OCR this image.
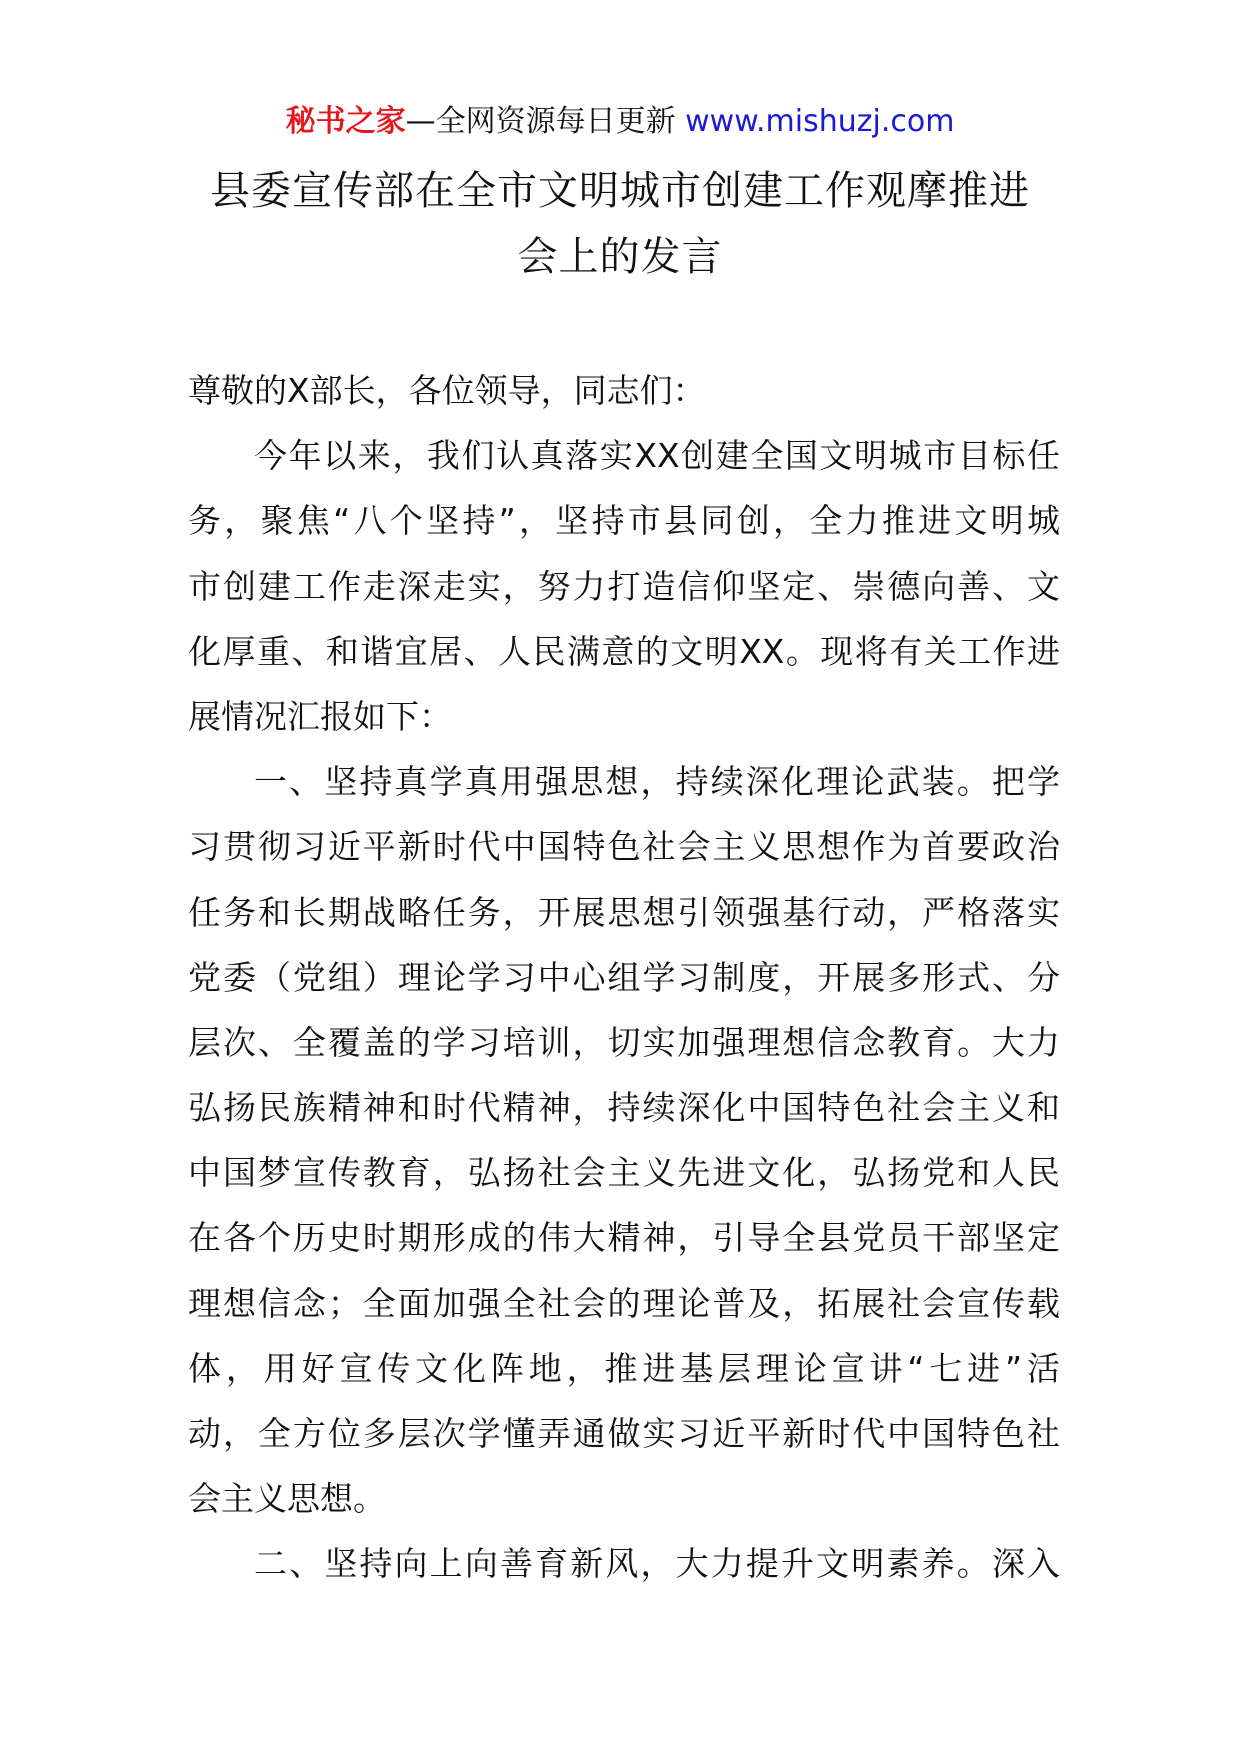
秘书之家—全网资源每日更新 www.mishuzj.com
县委宣传部在全市文明城市创建工作观摩推进
会上的发言
尊敬的X部长，各位领导，同志们：
今年以来，我们认真落实XX创建全国文明城市目标任
务，聚焦“八个坚持”，坚持市县同创，全力推进文明城
市创建工作走深走实，努力打造信仰坚定、崇德向善、文
化厚重、和谐宜居、人民满意的文明XX。现将有关工作进
展情况汇报如下：
一、坚持真学真用强思想，持续深化理论武装。把学
习贯彻习近平新时代中国特色社会主义思想作为首要政治
任务和长期战略任务，开展思想引领强基行动，严格落实
党委（党组）理论学习中心组学习制度，开展多形式、分
层次、全覆盖的学习培训，切实加强理想信念教育。大力
弘扬民族精神和时代精神，持续深化中国特色社会主义和
中国梦宣传教育，弘扬社会主义先进文化，弘扬党和人民
在各个历史时期形成的伟大精神，引导全县党员干部坚定
理想信念；全面加强全社会的理论普及，拓展社会宣传载
体，用好宣传文化阵地，推进基层理论宣讲“七进”活
动，全方位多层次学懂弄通做实习近平新时代中国特色社
会主义思想。
二、坚持向上向善育新风，大力提升文明素养。深入
